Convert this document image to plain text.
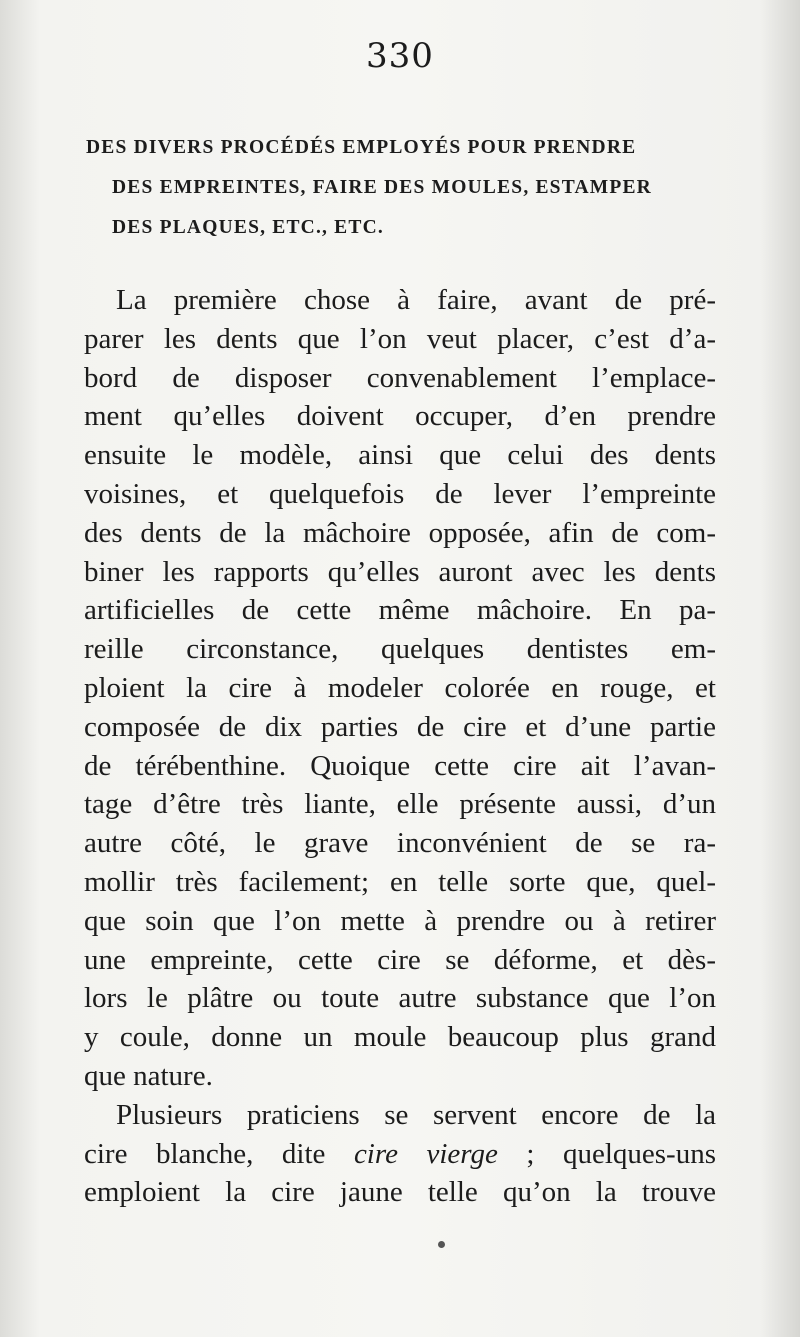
330
DES DIVERS PROCÉDÉS EMPLOYÉS POUR PRENDRE
DES EMPREINTES, FAIRE DES MOULES, ESTAMPER
DES PLAQUES, ETC., ETC.
La première chose à faire, avant de pré-
parer les dents que l’on veut placer, c’est d’a-
bord de disposer convenablement l’emplace-
ment qu’elles doivent occuper, d’en prendre
ensuite le modèle, ainsi que celui des dents
voisines, et quelquefois de lever l’empreinte
des dents de la mâchoire opposée, afin de com-
biner les rapports qu’elles auront avec les dents
artificielles de cette même mâchoire. En pa-
reille circonstance, quelques dentistes em-
ploient la cire à modeler colorée en rouge, et
composée de dix parties de cire et d’une partie
de térébenthine. Quoique cette cire ait l’avan-
tage d’être très liante, elle présente aussi, d’un
autre côté, le grave inconvénient de se ra-
mollir très facilement; en telle sorte que, quel-
que soin que l’on mette à prendre ou à retirer
une empreinte, cette cire se déforme, et dès-
lors le plâtre ou toute autre substance que l’on
y coule, donne un moule beaucoup plus grand
que nature.
Plusieurs praticiens se servent encore de la
cire blanche, dite cire vierge ; quelques-uns
emploient la cire jaune telle qu’on la trouve
